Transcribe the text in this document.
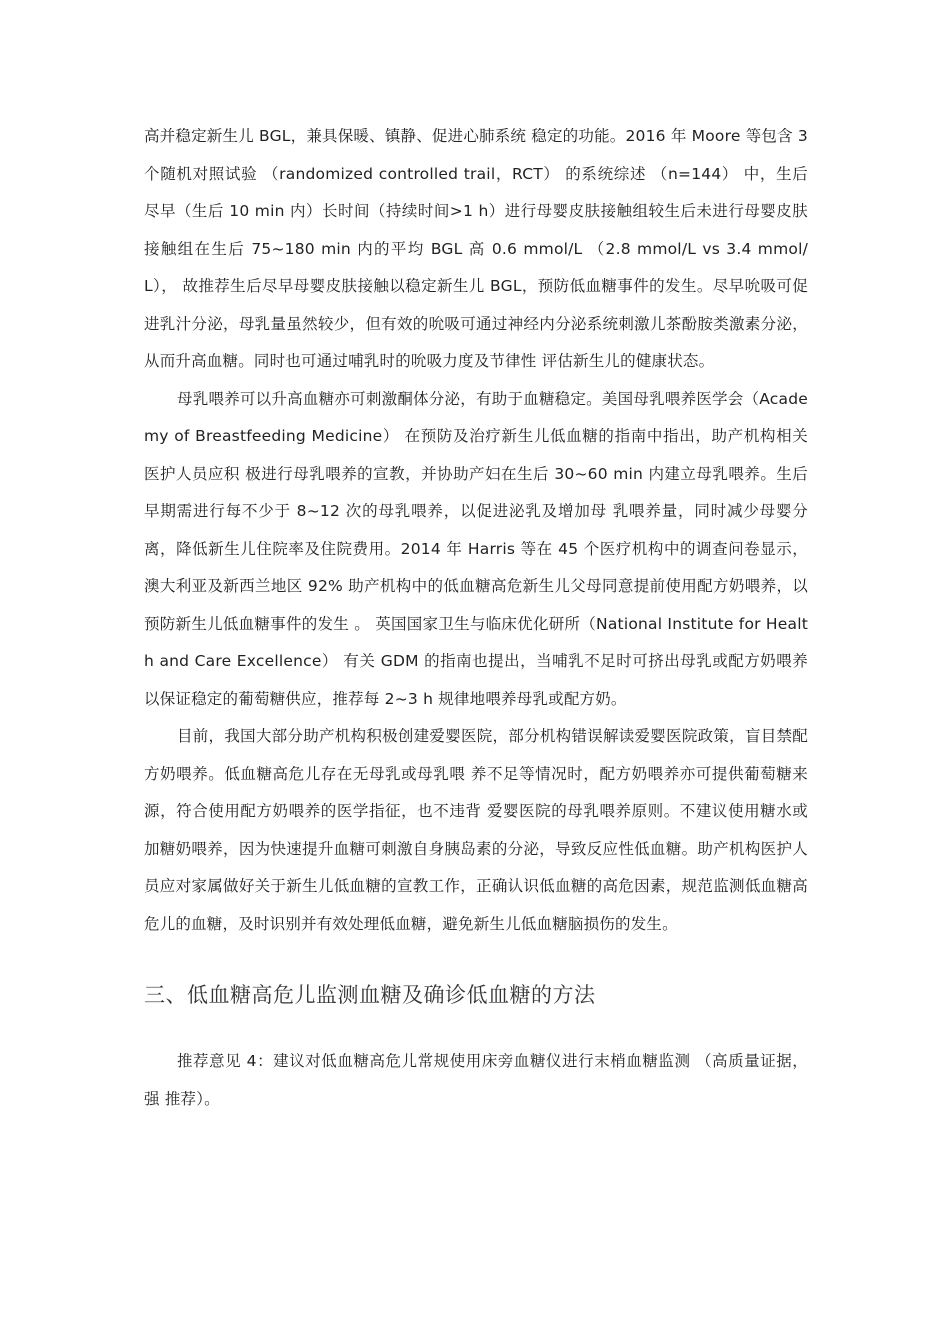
高并稳定新生儿 BGL，兼具保暖、镇静、促进心肺系统 稳定的功能。2016 年 Moore 等包含 3 个随机对照试验 （randomized controlled trail，RCT） 的系统综述 （n=144） 中，生后尽早（生后 10 min 内）长时间（持续时间>1 h）进行母婴皮肤接触组较生后未进行母婴皮肤接触组在生后 75~180 min 内的平均 BGL 高 0.6 mmol/L （2.8 mmol/L vs 3.4 mmol/L）， 故推荐生后尽早母婴皮肤接触以稳定新生儿 BGL，预防低血糖事件的发生。尽早吮吸可促进乳汁分泌，母乳量虽然较少，但有效的吮吸可通过神经内分泌系统刺激儿茶酚胺类激素分泌，从而升高血糖。同时也可通过哺乳时的吮吸力度及节律性 评估新生儿的健康状态。

母乳喂养可以升高血糖亦可刺激酮体分泌，有助于血糖稳定。美国母乳喂养医学会（Academy of Breastfeeding Medicine） 在预防及治疗新生儿低血糖的指南中指出，助产机构相关医护人员应积 极进行母乳喂养的宣教，并协助产妇在生后 30~60 min 内建立母乳喂养。生后早期需进行每不少于 8~12 次的母乳喂养，以促进泌乳及增加母 乳喂养量，同时减少母婴分离，降低新生儿住院率及住院费用。2014 年 Harris 等在 45 个医疗机构中的调查问卷显示，澳大利亚及新西兰地区 92% 助产机构中的低血糖高危新生儿父母同意提前使用配方奶喂养，以预防新生儿低血糖事件的发生 。 英国国家卫生与临床优化研所（National Institute for Health and Care Excellence） 有关 GDM 的指南也提出，当哺乳不足时可挤出母乳或配方奶喂养以保证稳定的葡萄糖供应，推荐每 2~3 h 规律地喂养母乳或配方奶。

目前，我国大部分助产机构积极创建爱婴医院，部分机构错误解读爱婴医院政策，盲目禁配方奶喂养。低血糖高危儿存在无母乳或母乳喂 养不足等情况时，配方奶喂养亦可提供葡萄糖来源，符合使用配方奶喂养的医学指征，也不违背 爱婴医院的母乳喂养原则。不建议使用糖水或加糖奶喂养，因为快速提升血糖可刺激自身胰岛素的分泌，导致反应性低血糖。助产机构医护人员应对家属做好关于新生儿低血糖的宣教工作，正确认识低血糖的高危因素，规范监测低血糖高危儿的血糖，及时识别并有效处理低血糖，避免新生儿低血糖脑损伤的发生。

三、低血糖高危儿监测血糖及确诊低血糖的方法

推荐意见 4：建议对低血糖高危儿常规使用床旁血糖仪进行末梢血糖监测 （高质量证据，强 推荐）。
